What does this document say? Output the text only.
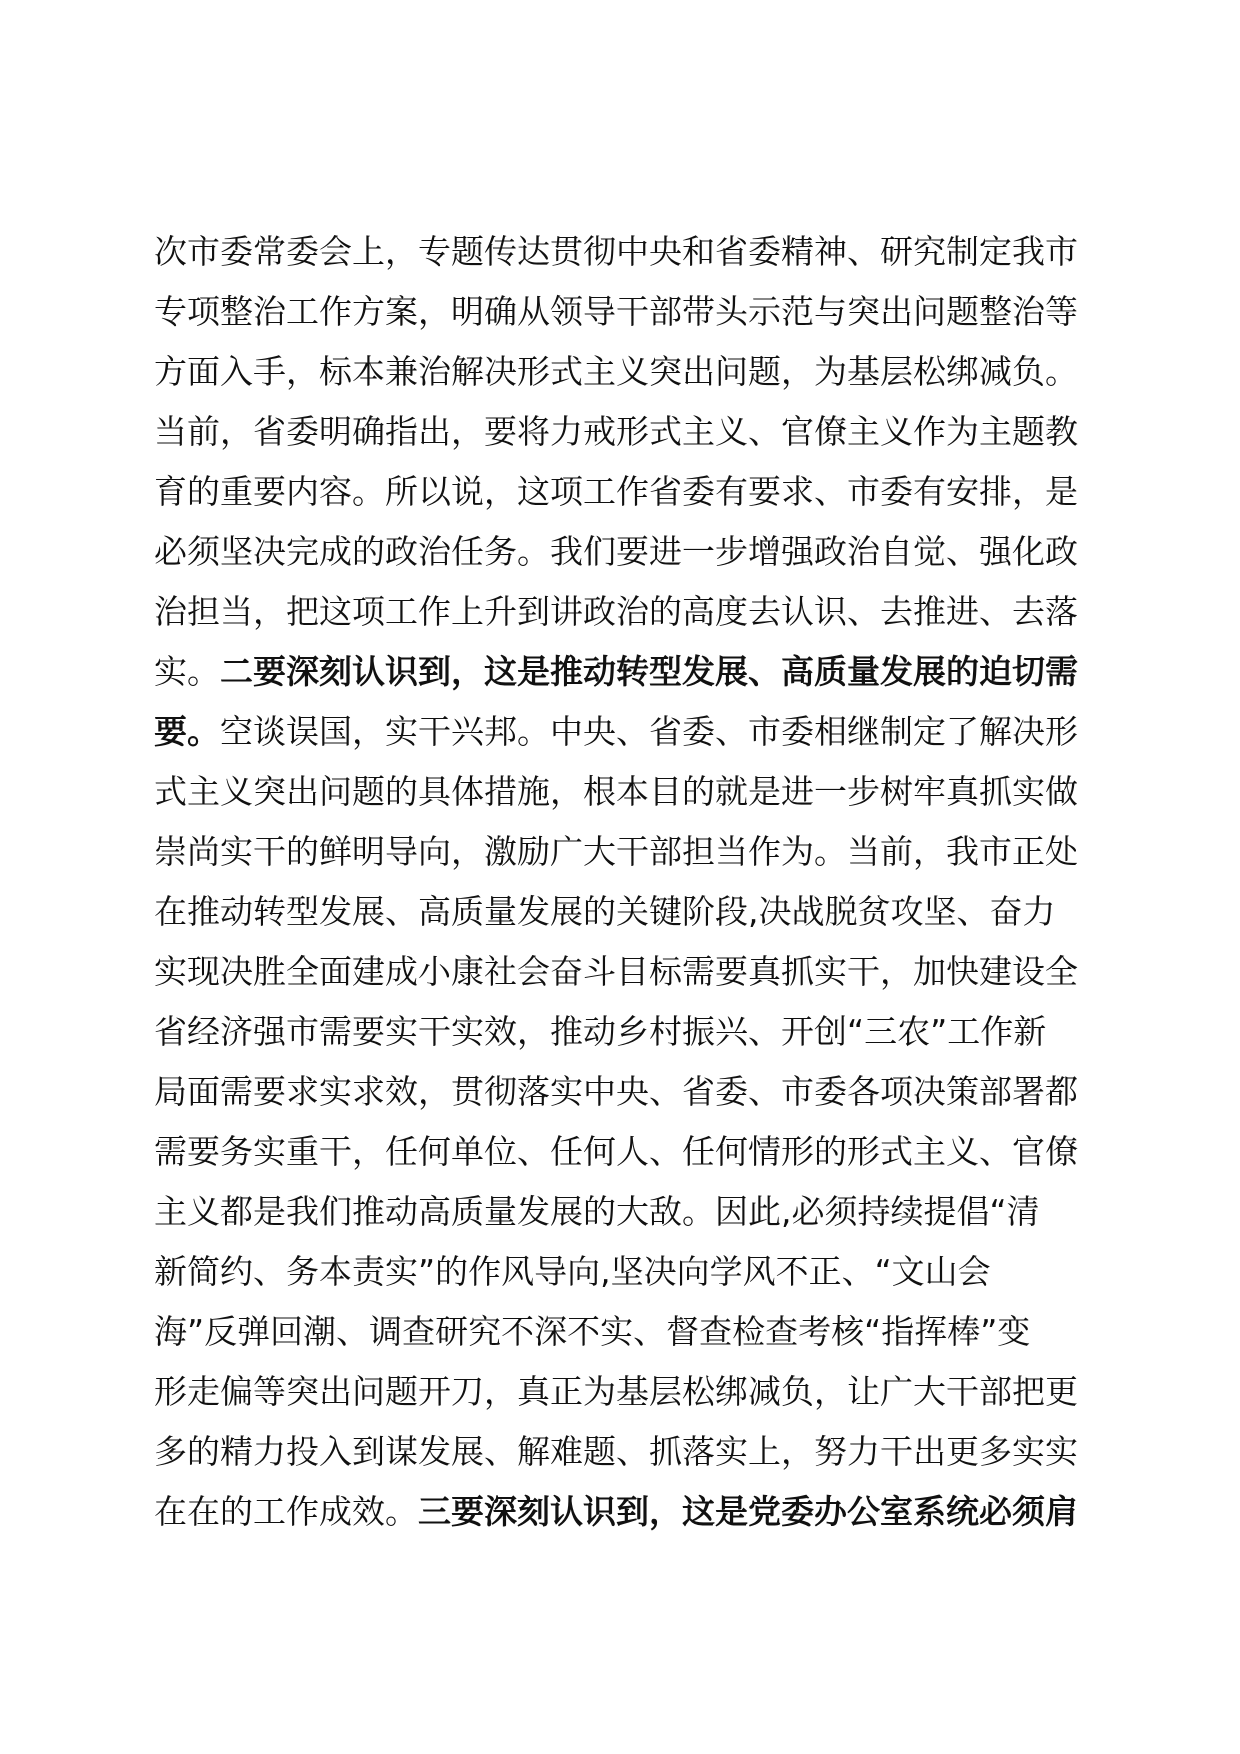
次市委常委会上，专题传达贯彻中央和省委精神、研究制定我市
专项整治工作方案，明确从领导干部带头示范与突出问题整治等
方面入手，标本兼治解决形式主义突出问题，为基层松绑减负。
当前，省委明确指出，要将力戒形式主义、官僚主义作为主题教
育的重要内容。所以说，这项工作省委有要求、市委有安排，是
必须坚决完成的政治任务。我们要进一步增强政治自觉、强化政
治担当，把这项工作上升到讲政治的高度去认识、去推进、去落
实。二要深刻认识到，这是推动转型发展、高质量发展的迫切需
要。空谈误国，实干兴邦。中央、省委、市委相继制定了解决形
式主义突出问题的具体措施，根本目的就是进一步树牢真抓实做
崇尚实干的鲜明导向，激励广大干部担当作为。当前，我市正处
在推动转型发展、高质量发展的关键阶段,决战脱贫攻坚、奋力
实现决胜全面建成小康社会奋斗目标需要真抓实干，加快建设全
省经济强市需要实干实效，推动乡村振兴、开创“三农”工作新
局面需要求实求效，贯彻落实中央、省委、市委各项决策部署都
需要务实重干，任何单位、任何人、任何情形的形式主义、官僚
主义都是我们推动高质量发展的大敌。因此,必须持续提倡“清
新简约、务本责实”的作风导向,坚决向学风不正、“文山会
海”反弹回潮、调查研究不深不实、督查检查考核“指挥棒”变
形走偏等突出问题开刀，真正为基层松绑减负，让广大干部把更
多的精力投入到谋发展、解难题、抓落实上，努力干出更多实实
在在的工作成效。三要深刻认识到，这是党委办公室系统必须肩
